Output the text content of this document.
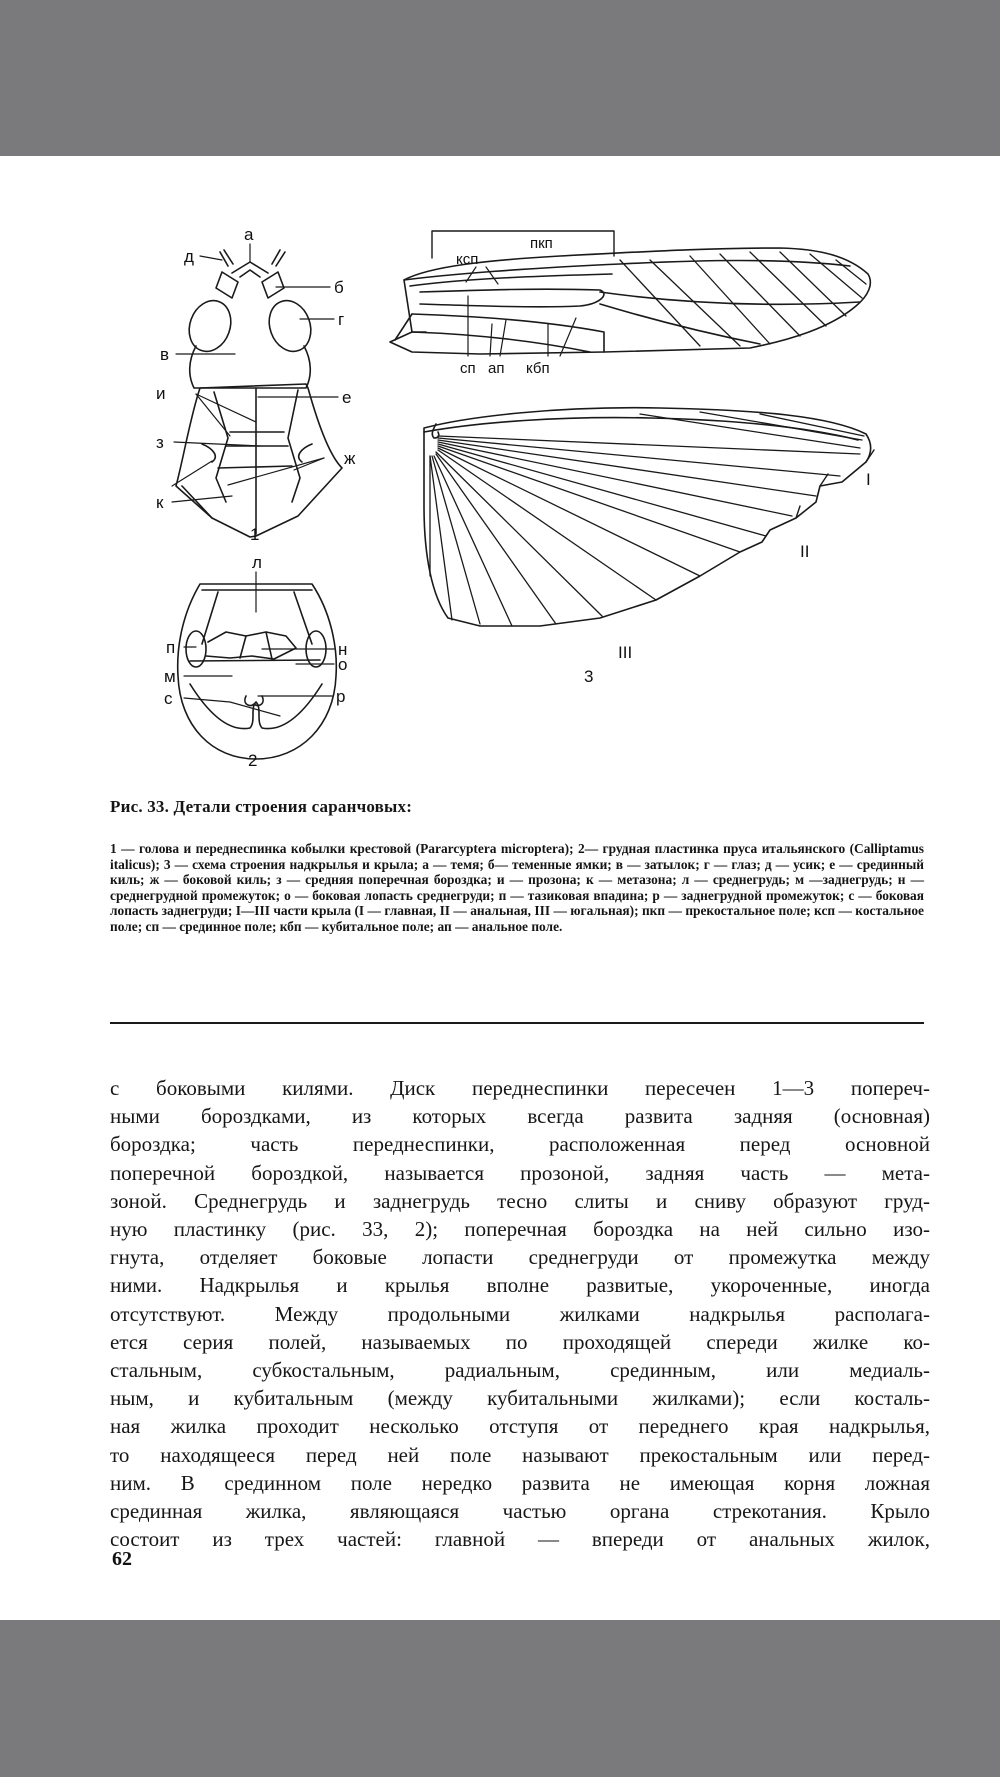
а
д
б
г
в
и	е
з
ж
к
1
л
п	н
о
м
с	р
2
пкп
ксп
сп ап кбп
I
II
III
3
Рис. 33. Детали строения саранчовых:
1 — голова и переднеспинка кобылки крестовой (Pararcyptera microptera); 2— грудная пластинка пруса итальянского (Calliptamus italicus); 3 — схема строения надкрылья и крыла; а — темя; б— теменные ямки; в — затылок; г — глаз; д — усик; е — срединный киль; ж — боковой киль; з — средняя поперечная бороздка; и — прозона; к — метазона; л — среднегрудь; м —заднегрудь; н — среднегрудной промежуток; о — боковая лопасть среднегруди; п — тазиковая впадина; р — заднегрудной промежуток; с — боковая лопасть заднегруди; I—III части крыла (I — главная, II — анальная, III — югальная); пкп — прекостальное поле; ксп — костальное поле; сп — срединное поле; кбп — кубитальное поле; ап — анальное поле.
с боковыми килями. Диск переднеспинки пересечен 1—3 попереч-
ными бороздками, из которых всегда развита задняя (основная)
бороздка; часть переднеспинки, расположенная перед основной
поперечной бороздкой, называется прозоной, задняя часть — мета-
зоной. Среднегрудь и заднегрудь тесно слиты и сниву образуют груд-
ную пластинку (рис. 33, 2); поперечная бороздка на ней сильно изо-
гнута, отделяет боковые лопасти среднегруди от промежутка между
ними. Надкрылья и крылья вполне развитые, укороченные, иногда
отсутствуют. Между продольными жилками надкрылья располага-
ется серия полей, называемых по проходящей спереди жилке ко-
стальным, субкостальным, радиальным, срединным, или медиаль-
ным, и кубитальным (между кубитальными жилками); если косталь-
ная жилка проходит несколько отступя от переднего края надкрылья,
то находящееся перед ней поле называют прекостальным или перед-
ним. В срединном поле нередко развита не имеющая корня ложная
срединная жилка, являющаяся частью органа стрекотания. Крыло
состоит из трех частей: главной — впереди от анальных жилок,
62
